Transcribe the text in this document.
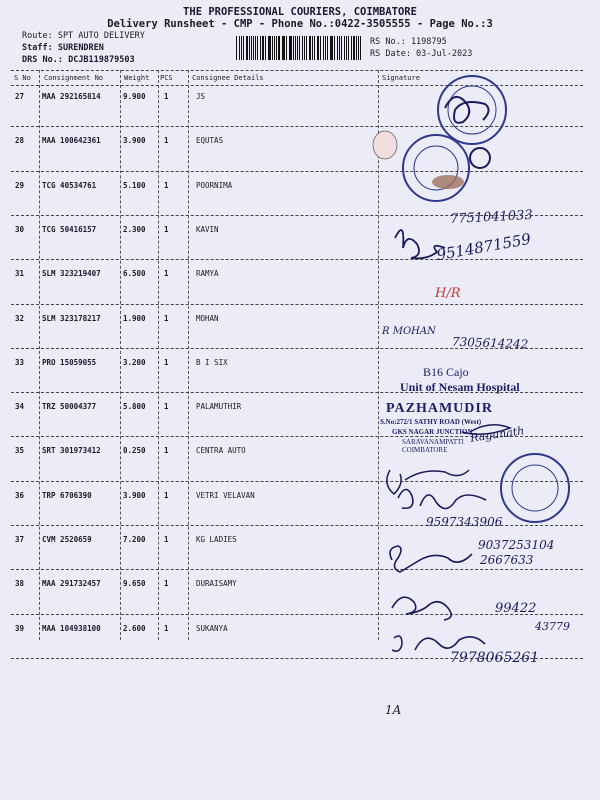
THE PROFESSIONAL COURIERS, COIMBATORE
Delivery Runsheet - CMP - Phone No.:0422-3505555 - Page No.:3
Route: SPT AUTO DELIVERY
Staff: SURENDREN
DRS No.: DCJB119879503
RS No.: 1198795
RS Date: 03-Jul-2023
S No Consignment No	Weight PCS	Consignee Details	Signature
27 MAA 292165814	9.900 1	JS
28 MAA 100642361	3.900 1	EQUTAS
29 TCG 40534761	5.100 1	POORNIMA
30 TCG 50416157	2.300 1	KAVIN
31 SLM 323219407	6.500 1	RAMYA
32 SLM 323178217	1.900 1	MOHAN
33 PRO 15059055	3.200 1	B I SIX
34 TRZ 50004377	5.800 1	PALAMUTHIR
35 SRT 301973412	0.250 1	CENTRA AUTO
36 TRP 6706390	3.900 1	VETRI VELAVAN
37 CVM 2520659	7.200 1	KG LADIES
38 MAA 291732457	9.650 1	DURAISAMY
39 MAA 104938100	2.600 1	SUKANYA
7751041033
9514871559
H/R
R MOHAN
7305614242
B16 Cajo
Unit of Nesam Hospital
PAZHAMUDIR
S.No:272/1 SATHY ROAD (West)
GKS NAGAR JUNCTION
SARAVANAMPATTI
COIMBATORE
Ragunath
9597343906
9037253104
2667633
99422
43779
7978065261
1A
